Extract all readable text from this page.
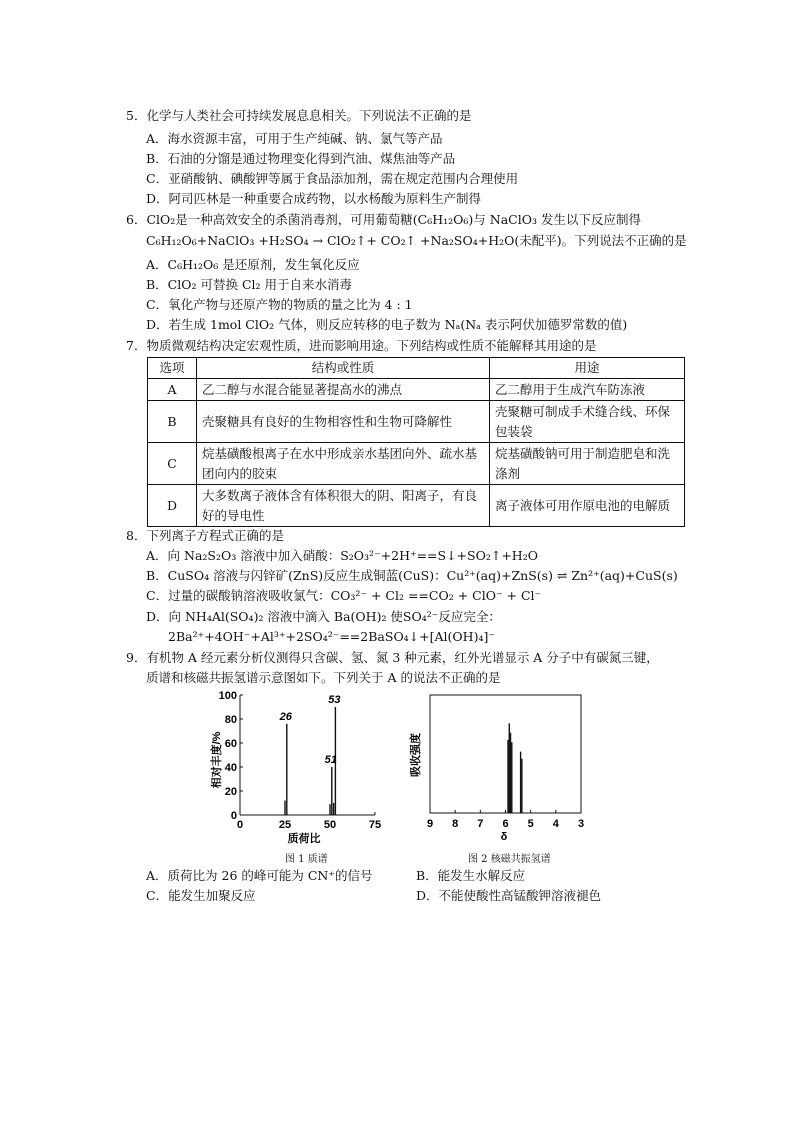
5．化学与人类社会可持续发展息息相关。下列说法不正确的是
A．海水资源丰富，可用于生产纯碱、钠、氯气等产品
B．石油的分馏是通过物理变化得到汽油、煤焦油等产品
C．亚硝酸钠、碘酸钾等属于食品添加剂，需在规定范围内合理使用
D．阿司匹林是一种重要合成药物，以水杨酸为原料生产制得
6．ClO₂是一种高效安全的杀菌消毒剂，可用葡萄糖(C₆H₁₂O₆)与 NaClO₃ 发生以下反应制得
C₆H₁₂O₆+NaClO₃ +H₂SO₄ → ClO₂↑+ CO₂↑ +Na₂SO₄+H₂O(未配平)。下列说法不正确的是
A．C₆H₁₂O₆ 是还原剂，发生氧化反应
B．ClO₂ 可替换 Cl₂ 用于自来水消毒
C．氧化产物与还原产物的物质的量之比为 4 : 1
D．若生成 1mol ClO₂ 气体，则反应转移的电子数为 Nₐ(Nₐ 表示阿伏加德罗常数的值)
7．物质微观结构决定宏观性质，进而影响用途。下列结构或性质不能解释其用途的是
选项	结构或性质	用途
A	乙二醇与水混合能显著提高水的沸点	乙二醇用于生成汽车防冻液
B	壳聚糖具有良好的生物相容性和生物可降解性	壳聚糖可制成手术缝合线、环保包装袋
C	烷基磺酸根离子在水中形成亲水基团向外、疏水基团向内的胶束	烷基磺酸钠可用于制造肥皂和洗涤剂
D	大多数离子液体含有体积很大的阴、阳离子，有良好的导电性	离子液体可用作原电池的电解质
8．下列离子方程式正确的是
A．向 Na₂S₂O₃ 溶液中加入硝酸：S₂O₃²⁻+2H⁺==S↓+SO₂↑+H₂O
B．CuSO₄ 溶液与闪锌矿(ZnS)反应生成铜蓝(CuS)：Cu²⁺(aq)+ZnS(s) ⇌ Zn²⁺(aq)+CuS(s)
C．过量的碳酸钠溶液吸收氯气：CO₃²⁻ + Cl₂ ==CO₂ + ClO⁻ + Cl⁻
D．向 NH₄Al(SO₄)₂ 溶液中滴入 Ba(OH)₂ 使SO₄²⁻反应完全：
2Ba²⁺+4OH⁻+Al³⁺+2SO₄²⁻==2BaSO₄↓+[Al(OH)₄]⁻
9．有机物 A 经元素分析仪测得只含碳、氢、氮 3 种元素，红外光谱显示 A 分子中有碳氮三键，
质谱和核磁共振氢谱示意图如下。下列关于 A 的说法不正确的是
0	25	50	75
0
20
40
60
80
100
26
51
53
质荷比
相对丰度/%
图 1 质谱
9 8 7 6 5 4 3
δ
吸收强度
图 2 核磁共振氢谱
A．质荷比为 26 的峰可能为 CN⁺的信号	B．能发生水解反应
C．能发生加聚反应	D．不能使酸性高锰酸钾溶液褪色
